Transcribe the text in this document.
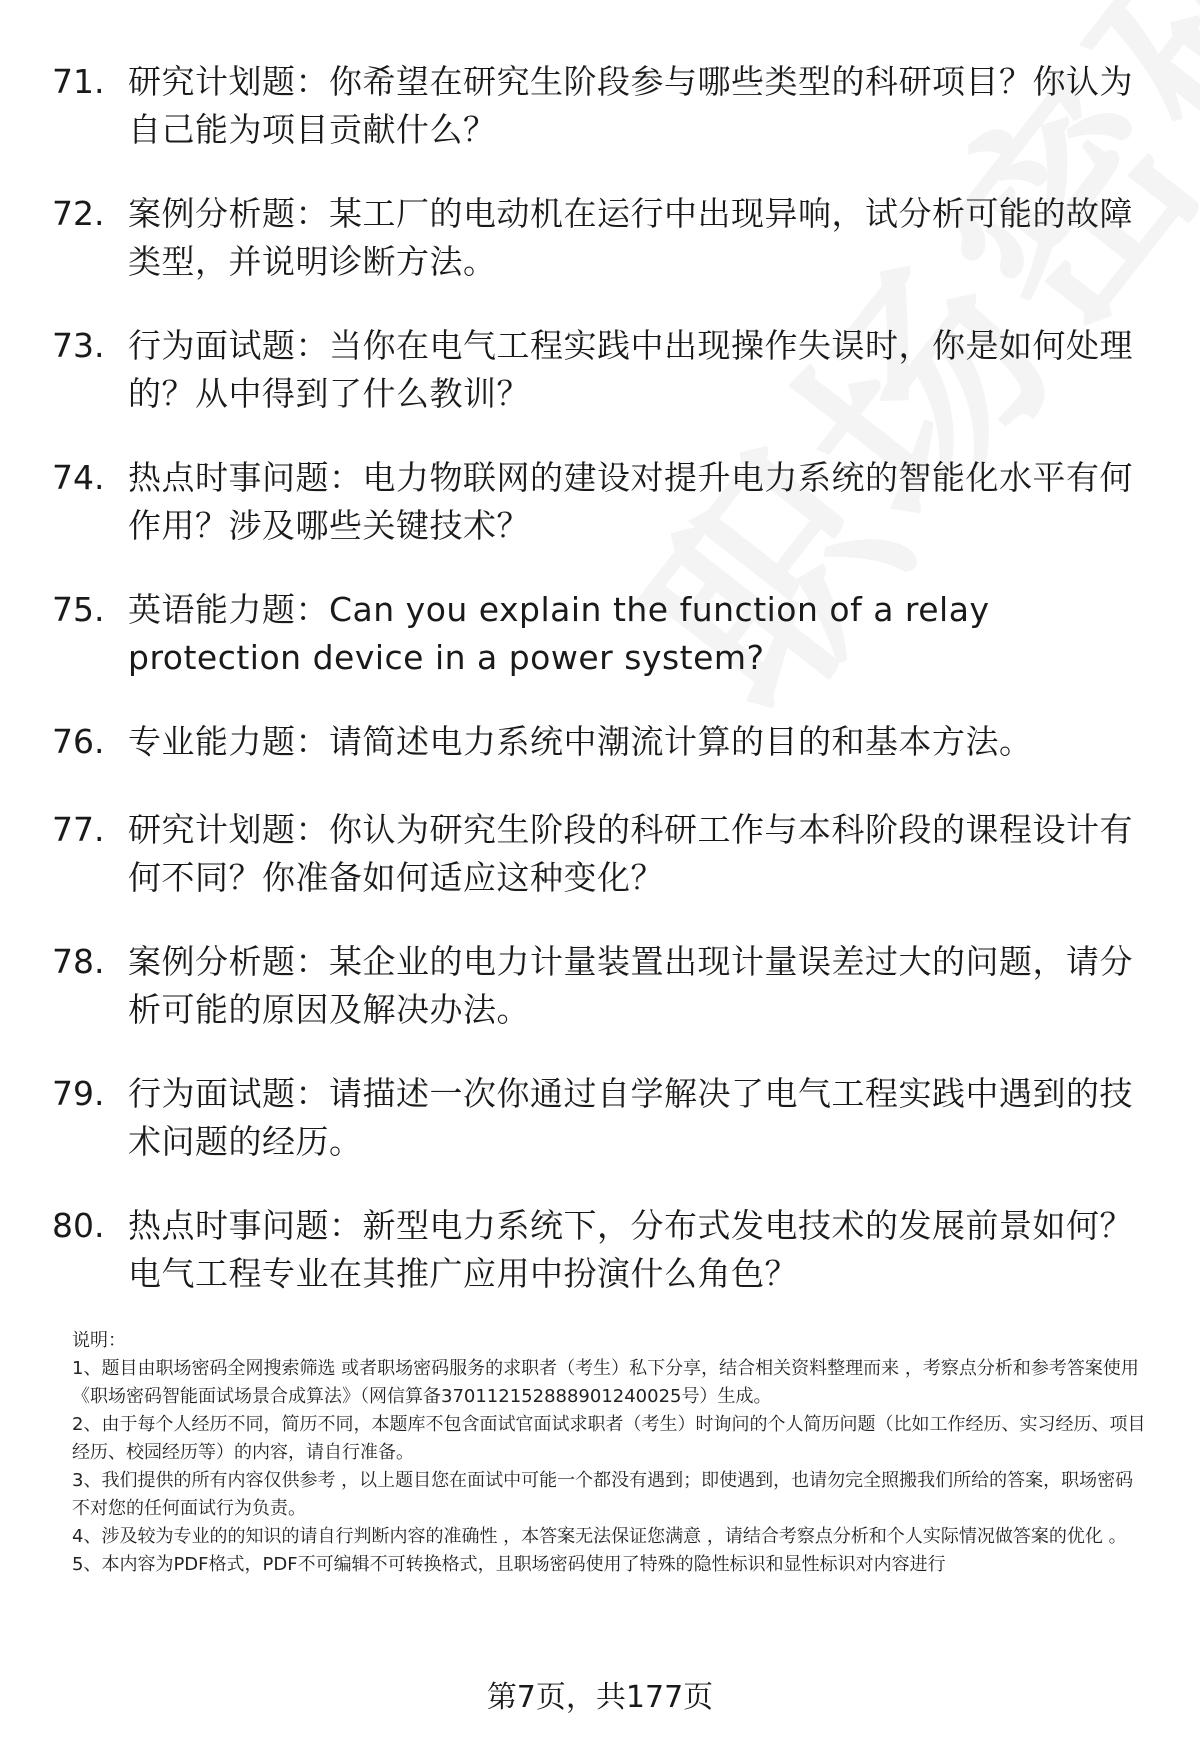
71. 研究计划题：你希望在研究生阶段参与哪些类型的科研项目？你认为自己能为项目贡献什么？
72. 案例分析题：某工厂的电动机在运行中出现异响，试分析可能的故障类型，并说明诊断方法。
73. 行为面试题：当你在电气工程实践中出现操作失误时，你是如何处理的？从中得到了什么教训？
74. 热点时事问题：电力物联网的建设对提升电力系统的智能化水平有何作用？涉及哪些关键技术？
75. 英语能力题：Can you explain the function of a relay protection device in a power system?
76. 专业能力题：请简述电力系统中潮流计算的目的和基本方法。
77. 研究计划题：你认为研究生阶段的科研工作与本科阶段的课程设计有何不同？你准备如何适应这种变化？
78. 案例分析题：某企业的电力计量装置出现计量误差过大的问题，请分析可能的原因及解决办法。
79. 行为面试题：请描述一次你通过自学解决了电气工程实践中遇到的技术问题的经历。
80. 热点时事问题：新型电力系统下，分布式发电技术的发展前景如何？电气工程专业在其推广应用中扮演什么角色？

说明：

1、题目由职场密码全网搜索筛选 或者职场密码服务的求职者（考生）私下分享，结合相关资料整理而来 ，考察点分析和参考答案使用《职场密码智能面试场景合成算法》（网信算备370112152888901240025号）生成。

2、由于每个人经历不同，简历不同，本题库不包含面试官面试求职者（考生）时询问的个人简历问题（比如工作经历、实习经历、项目经历、校园经历等）的内容，请自行准备。

3、我们提供的所有内容仅供参考 ，以上题目您在面试中可能一个都没有遇到；即使遇到，也请勿完全照搬我们所给的答案，职场密码不对您的任何面试行为负责。

4、涉及较为专业的的知识的请自行判断内容的准确性 ，本答案无法保证您满意 ，请结合考察点分析和个人实际情况做答案的优化 。

5、本内容为PDF格式，PDF不可编辑不可转换格式，且职场密码使用了特殊的隐性标识和显性标识对内容进行

第7页，共177页
